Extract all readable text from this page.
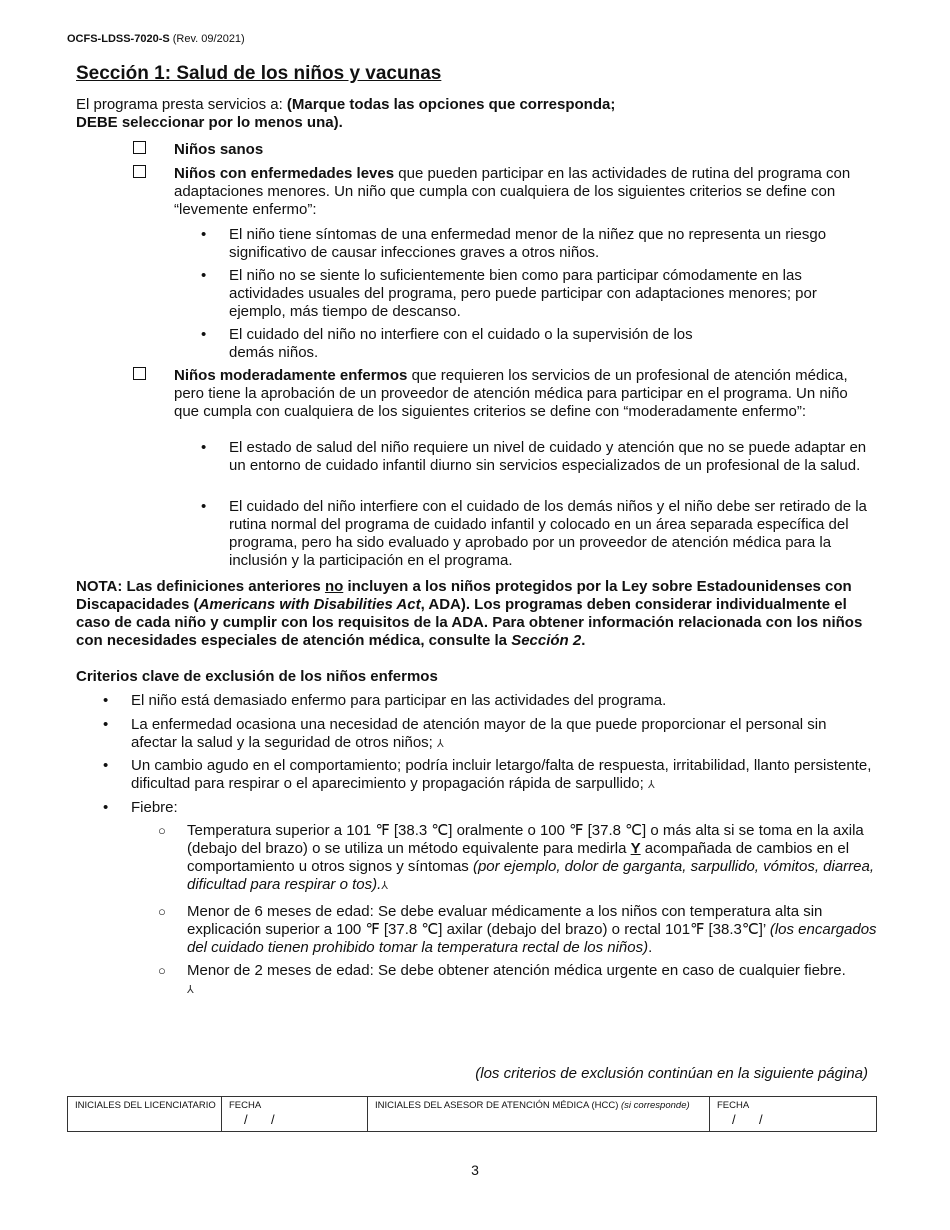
OCFS-LDSS-7020-S (Rev. 09/2021)
Sección 1: Salud de los niños y vacunas
El programa presta servicios a: (Marque todas las opciones que corresponda;
DEBE seleccionar por lo menos una).
Niños sanos
Niños con enfermedades leves que pueden participar en las actividades de rutina del programa con adaptaciones menores. Un niño que cumpla con cualquiera de los siguientes criterios se define con “levemente enfermo”:
• El niño tiene síntomas de una enfermedad menor de la niñez que no representa un riesgo significativo de causar infecciones graves a otros niños.
• El niño no se siente lo suficientemente bien como para participar cómodamente en las actividades usuales del programa, pero puede participar con adaptaciones menores; por ejemplo, más tiempo de descanso.
• El cuidado del niño no interfiere con el cuidado o la supervisión de los demás niños.
Niños moderadamente enfermos que requieren los servicios de un profesional de atención médica, pero tiene la aprobación de un proveedor de atención médica para participar en el programa. Un niño que cumpla con cualquiera de los siguientes criterios se define con “moderadamente enfermo”:
• El estado de salud del niño requiere un nivel de cuidado y atención que no se puede adaptar en un entorno de cuidado infantil diurno sin servicios especializados de un profesional de la salud.
• El cuidado del niño interfiere con el cuidado de los demás niños y el niño debe ser retirado de la rutina normal del programa de cuidado infantil y colocado en un área separada específica del programa, pero ha sido evaluado y aprobado por un proveedor de atención médica para la inclusión y la participación en el programa.
NOTA: Las definiciones anteriores no incluyen a los niños protegidos por la Ley sobre Estadounidenses con Discapacidades (Americans with Disabilities Act, ADA). Los programas deben considerar individualmente el caso de cada niño y cumplir con los requisitos de la ADA. Para obtener información relacionada con los niños con necesidades especiales de atención médica, consulte la Sección 2.
Criterios clave de exclusión de los niños enfermos
• El niño está demasiado enfermo para participar en las actividades del programa.
• La enfermedad ocasiona una necesidad de atención mayor de la que puede proporcionar el personal sin afectar la salud y la seguridad de otros niños; ⅄
• Un cambio agudo en el comportamiento; podría incluir letargo/falta de respuesta, irritabilidad, llanto persistente, dificultad para respirar o el aparecimiento y propagación rápida de sarpullido; ⅄
• Fiebre:
○ Temperatura superior a 101 ℉ [38.3 ℃] oralmente o 100 ℉ [37.8 ℃] o más alta si se toma en la axila (debajo del brazo) o se utiliza un método equivalente para medirla Y acompañada de cambios en el comportamiento u otros signos y síntomas (por ejemplo, dolor de garganta, sarpullido, vómitos, diarrea, dificultad para respirar o tos).⅄
○ Menor de 6 meses de edad: Se debe evaluar médicamente a los niños con temperatura alta sin explicación superior a 100 ℉ [37.8 ℃] axilar (debajo del brazo) o rectal 101℉ [38.3℃]’ (los encargados del cuidado tienen prohibido tomar la temperatura rectal de los niños).
○ Menor de 2 meses de edad: Se debe obtener atención médica urgente en caso de cualquier fiebre.
⅄
(los criterios de exclusión continúan en la siguiente página)
INICIALES DEL LICENCIATARIO	FECHA
/ /
INICIALES DEL ASESOR DE ATENCIÓN MÉDICA (HCC) (si corresponde)	FECHA
/ /
3
